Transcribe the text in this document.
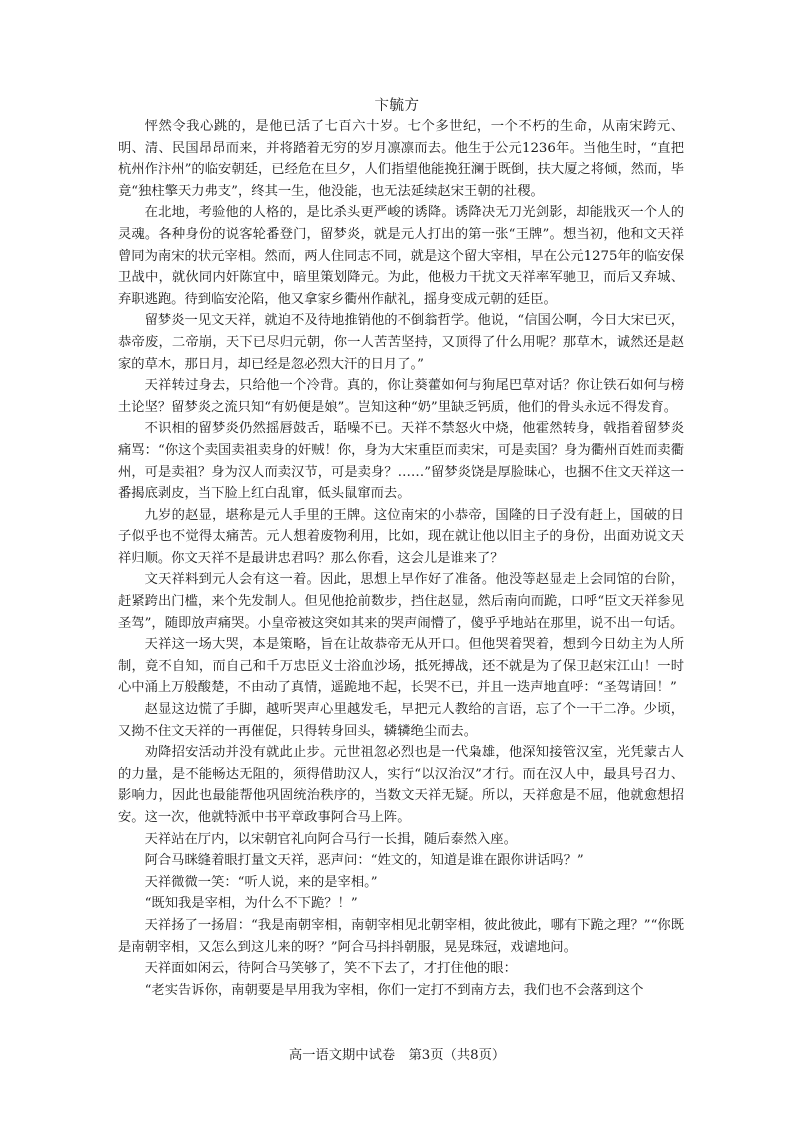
卞毓方

怦然令我心跳的，是他已活了七百六十岁。七个多世纪，一个不朽的生命，从南宋跨元、明、清、民国昂昂而来，并将踏着无穷的岁月凛凛而去。他生于公元1236年。当他生时，“直把杭州作汴州”的临安朝廷，已经危在旦夕，人们指望他能挽狂澜于既倒，扶大厦之将倾，然而，毕竟“独柱擎天力弗支”，终其一生，他没能，也无法延续赵宋王朝的社稷。

在北地，考验他的人格的，是比杀头更严峻的诱降。诱降决无刀光剑影，却能戕灭一个人的灵魂。各种身份的说客轮番登门，留梦炎，就是元人打出的第一张“王牌”。想当初，他和文天祥曾同为南宋的状元宰相。然而，两人住同志不同，就是这个留大宰相，早在公元1275年的临安保卫战中，就伙同内奸陈宜中，暗里策划降元。为此，他极力干扰文天祥率军驰卫，而后又弃城、弃职逃跑。待到临安沦陷，他又拿家乡衢州作献礼，摇身变成元朝的廷臣。

留梦炎一见文天祥，就迫不及待地推销他的不倒翁哲学。他说，“信国公啊，今日大宋已灭，恭帝废，二帝崩，天下已尽归元朝，你一人苦苦坚持，又顶得了什么用呢？那草木，诚然还是赵家的草木，那日月，却已经是忽必烈大汗的日月了。”

天祥转过身去，只给他一个冷背。真的，你让葵藿如何与狗尾巴草对话？你让铁石如何与榜土论坚？留梦炎之流只知“有奶便是娘”。岂知这种“奶”里缺乏钙质，他们的骨头永远不得发育。

不识相的留梦炎仍然摇唇鼓舌，聒噪不已。天祥不禁怒火中烧，他霍然转身，戟指着留梦炎痛骂：“你这个卖国卖祖卖身的奸贼！你，身为大宋重臣而卖宋，可是卖国？身为衢州百姓而卖衢州，可是卖祖？身为汉人而卖汉节，可是卖身？……”留梦炎饶是厚脸昧心，也捆不住文天祥这一番揭底剥皮，当下脸上红白乱窜，低头鼠窜而去。

九岁的赵显，堪称是元人手里的王牌。这位南宋的小恭帝，国隆的日子没有赶上，国破的日子似乎也不觉得太痛苦。元人想着废物利用，比如，现在就让他以旧主子的身份，出面劝说文天祥归顺。你文天祥不是最讲忠君吗？那么你看，这会儿是谁来了？

文天祥料到元人会有这一着。因此，思想上早作好了准备。他没等赵显走上会同馆的台阶，赶紧跨出门槛，来个先发制人。但见他抢前数步，挡住赵显，然后南向而跪，口呼“臣文天祥参见圣驾”，随即放声痛哭。小皇帝被这突如其来的哭声闹懵了，傻乎乎地站在那里，说不出一句话。

天祥这一场大哭，本是策略，旨在让故恭帝无从开口。但他哭着哭着，想到今日幼主为人所制，竟不自知，而自己和千万忠臣义士浴血沙场，抵死搏战，还不就是为了保卫赵宋江山！一时心中涌上万般酸楚，不由动了真情，遥跪地不起，长哭不已，并且一迭声地直呼：“圣驾请回！”

赵显这边慌了手脚，越听哭声心里越发毛，早把元人教给的言语，忘了个一干二净。少顷，又拗不住文天祥的一再催促，只得转身回头，辚辚绝尘而去。

劝降招安活动并没有就此止步。元世祖忽必烈也是一代枭雄，他深知接管汉室，光凭蒙古人的力量，是不能畅达无阻的，须得借助汉人，实行“以汉治汉”才行。而在汉人中，最具号召力、影响力，因此也最能帮他巩固统治秩序的，当数文天祥无疑。所以，天祥愈是不屈，他就愈想招安。这一次，他就特派中书平章政事阿合马上阵。

天祥站在厅内，以宋朝官礼向阿合马行一长揖，随后泰然入座。

阿合马眯缝着眼打量文天祥，恶声问：“姓文的，知道是谁在跟你讲话吗？”

天祥微微一笑：“听人说，来的是宰相。”

“既知我是宰相，为什么不下跪？！”

天祥扬了一扬眉：“我是南朝宰相，南朝宰相见北朝宰相，彼此彼此，哪有下跪之理？”“你既是南朝宰相，又怎么到这儿来的呀？”阿合马抖抖朝服，晃晃珠冠，戏谑地问。

天祥面如闲云，待阿合马笑够了，笑不下去了，才打住他的眼：

“老实告诉你，南朝要是早用我为宰相，你们一定打不到南方去，我们也不会落到这个

高一语文期中试卷　第3页（共8页）
